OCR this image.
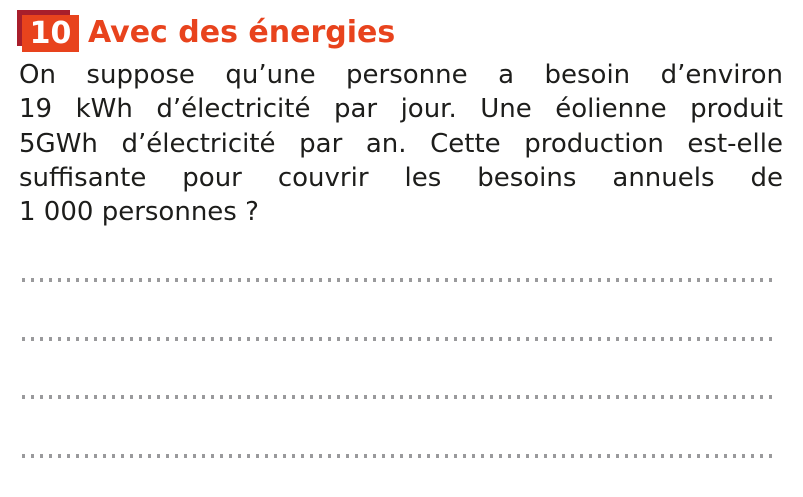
10 Avec des énergies
On suppose qu’une personne a besoin d’environ
19 kWh d’électricité par jour. Une éolienne produit
5GWh d’électricité par an. Cette production est-elle
suffisante pour couvrir les besoins annuels de
1 000 personnes ?
